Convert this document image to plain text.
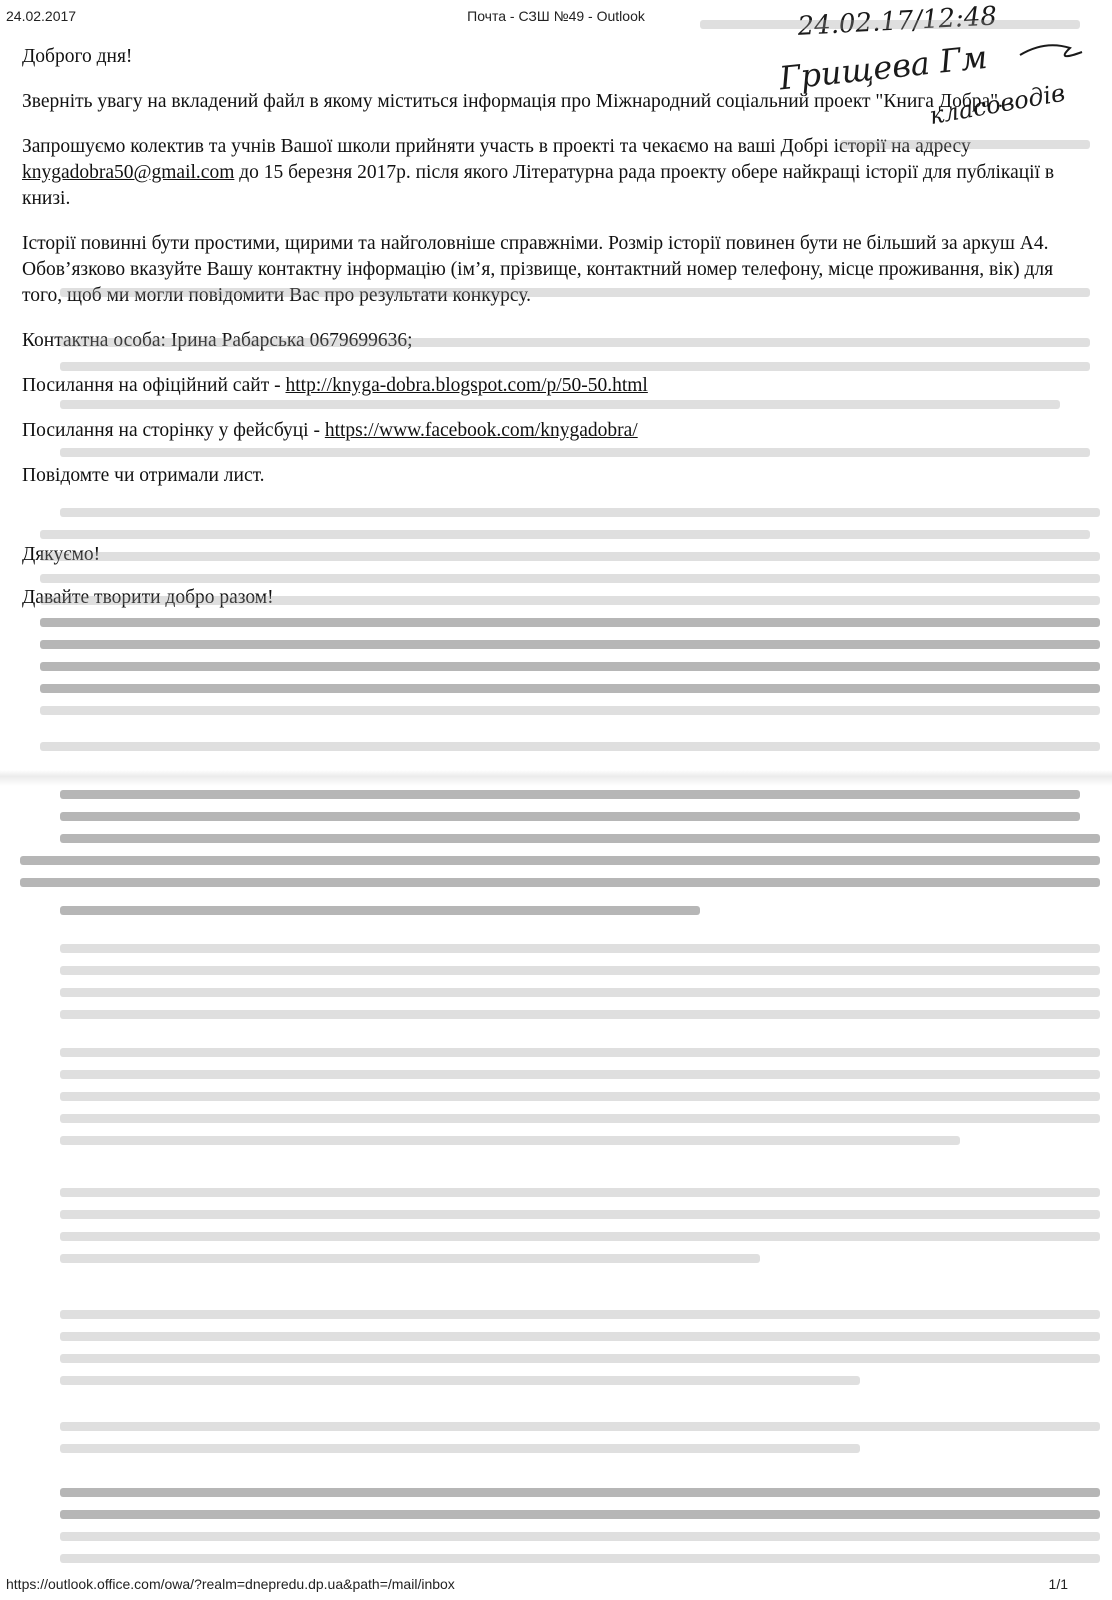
24.02.2017	Почта - СЗШ №49 - Outlook	24.02.17/12:48
Грищева Гм
класоводів

Доброго дня!

Зверніть увагу на вкладений файл в якому міститься інформація про Міжнародний соціальний проект "Книга Добра".

Запрошуємо колектив та учнів Вашої школи прийняти участь в проекті та чекаємо на ваші Добрі історії на адресу knygadobra50@gmail.com до 15 березня 2017р. після якого Літературна рада проекту обере найкращі історії для публікації в книзі.

Історії повинні бути простими, щирими та найголовніше справжніми. Розмір історії повинен бути не більший за аркуш А4. Обов’язково вказуйте Вашу контактну інформацію (ім’я, прізвище, контактний номер телефону, місце проживання, вік) для того, щоб ми могли повідомити Вас про результати конкурсу.

Контактна особа: Ірина Рабарська 0679699636;

Посилання на офіційний сайт - http://knyga-dobra.blogspot.com/p/50-50.html

Посилання на сторінку у фейсбуці - https://www.facebook.com/knygadobra/

Повідомте чи отримали лист.

Дякуємо!

Давайте творити добро разом!

https://outlook.office.com/owa/?realm=dnepredu.dp.ua&path=/mail/inbox	1/1
